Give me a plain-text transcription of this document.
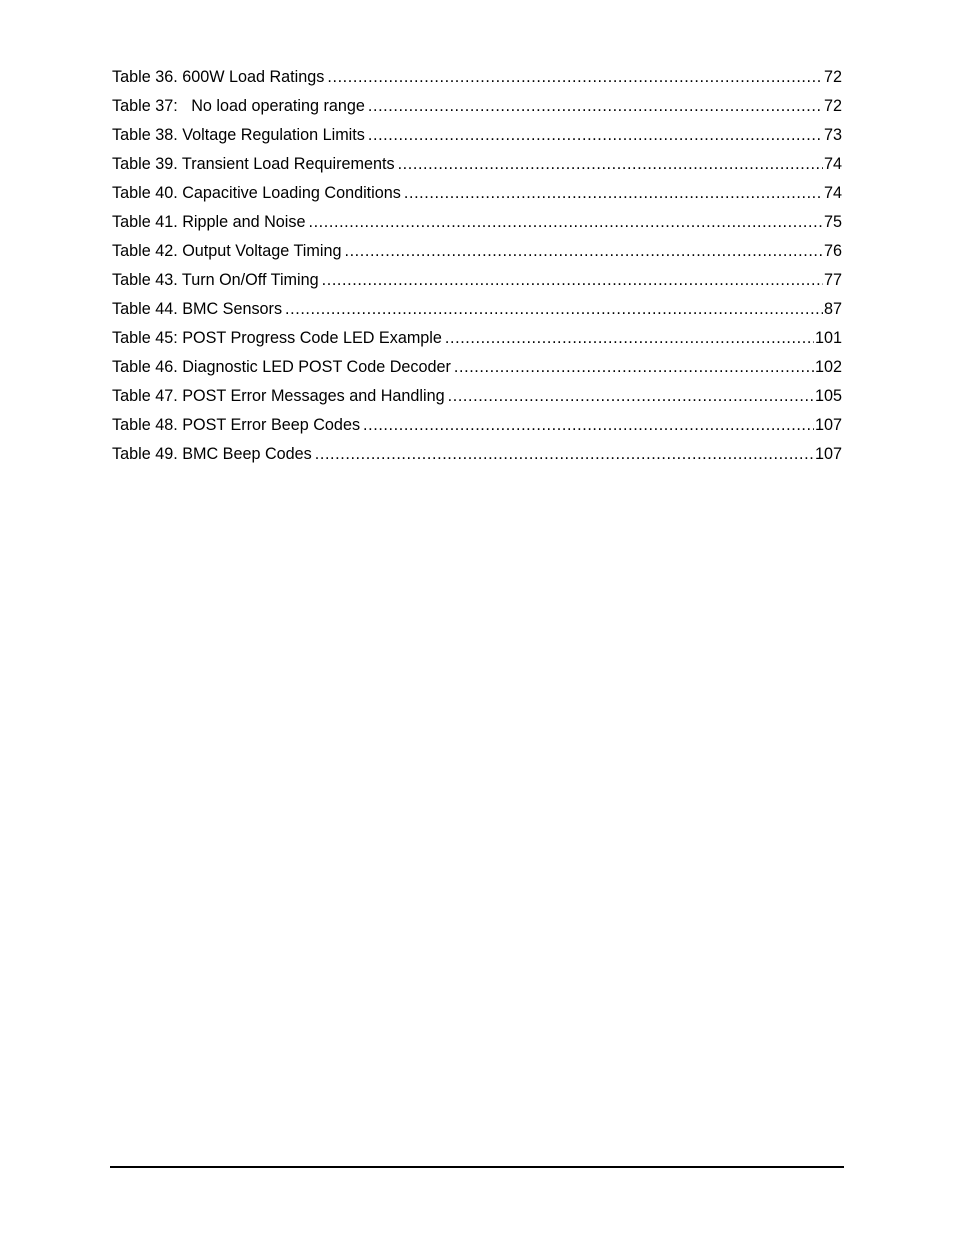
Table 36. 600W Load Ratings .....	72
Table 37:   No load operating range .....	72
Table 38. Voltage Regulation Limits .....	73
Table 39. Transient Load Requirements .....	74
Table 40. Capacitive Loading Conditions .....	74
Table 41. Ripple and Noise .....	75
Table 42. Output Voltage Timing .....	76
Table 43. Turn On/Off Timing .....	77
Table 44. BMC Sensors .....	87
Table 45: POST Progress Code LED Example .....	101
Table 46. Diagnostic LED POST Code Decoder .....	102
Table 47. POST Error Messages and Handling .....	105
Table 48. POST Error Beep Codes .....	107
Table 49. BMC Beep Codes .....	107
